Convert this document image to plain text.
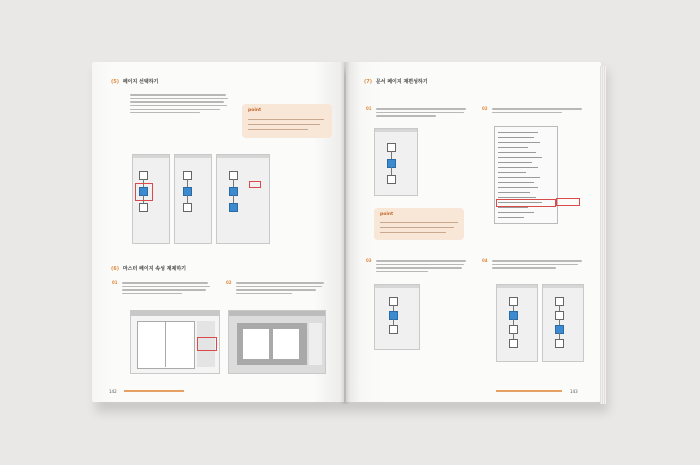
(5) 페이지 선택하기
point
(6) 마스터 페이지 속성 재제하기
01	02
142
(7) 문서 페이지 재편성하기
01	02
point
03	04
143
